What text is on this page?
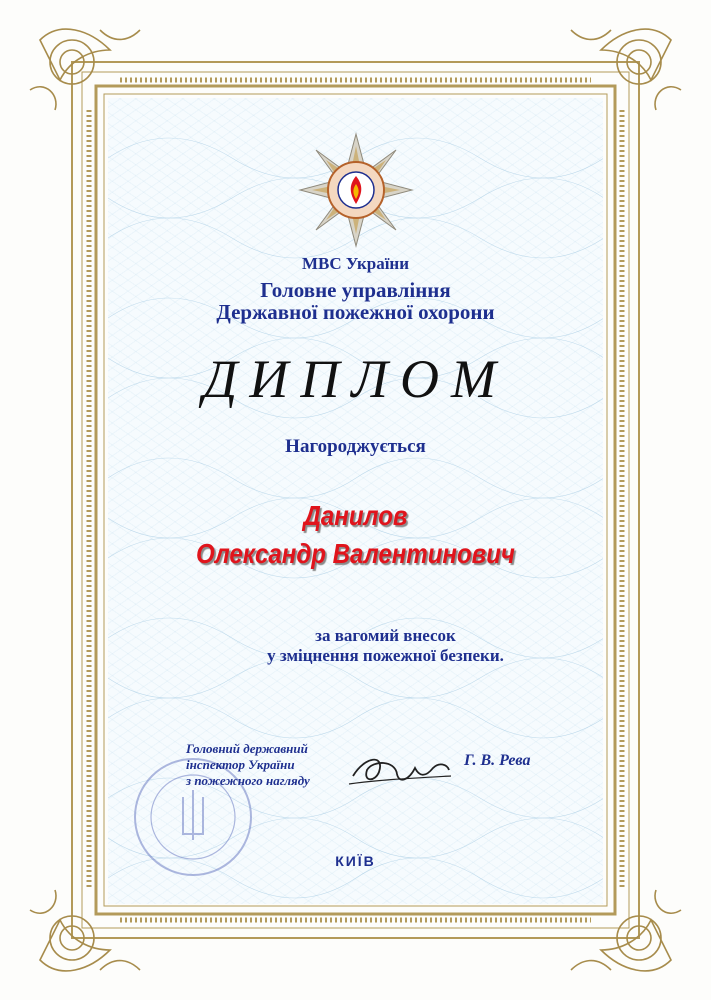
МВС України
Головне управління
Державної пожежної охорони
ДИПЛОМ
Нагороджується
Данилов
Олександр Валентинович
за вагомий внесок
у зміцнення пожежної безпеки.
Головний державний
інспектор України
з пожежного нагляду
Г. В. Рева
КИЇВ
